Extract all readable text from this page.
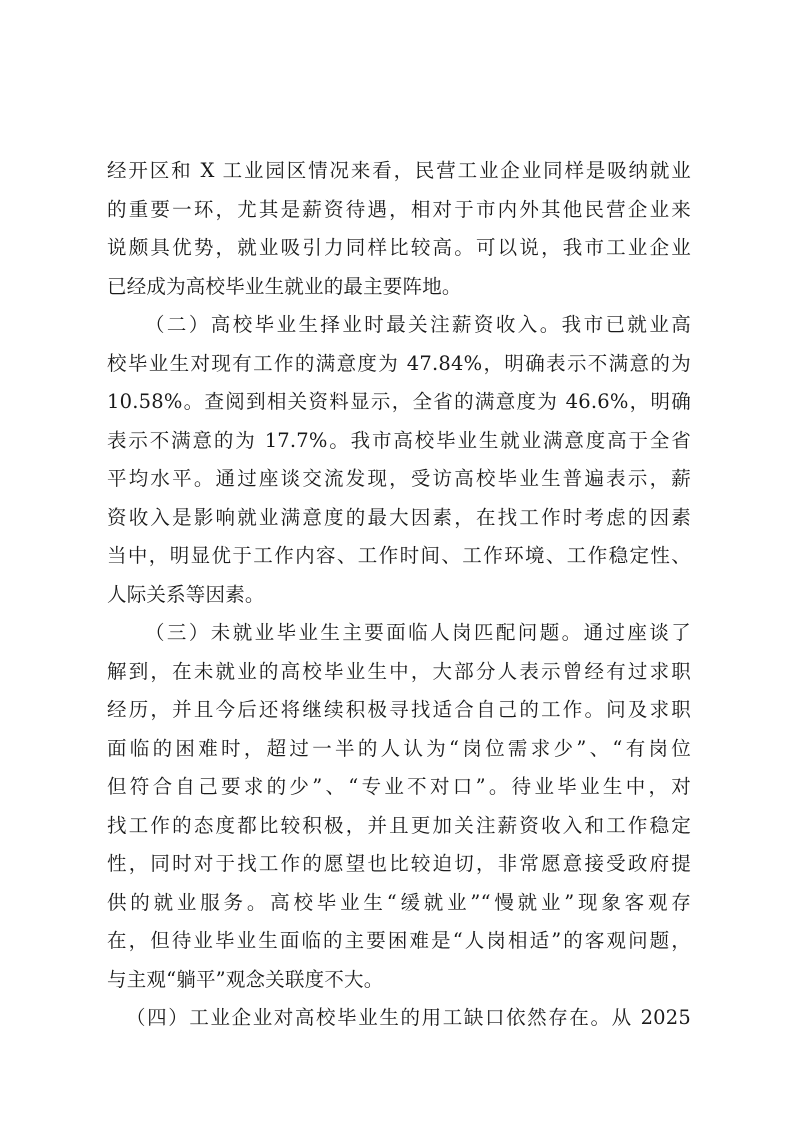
经开区和 X 工业园区情况来看，民营工业企业同样是吸纳就业
的重要一环，尤其是薪资待遇，相对于市内外其他民营企业来
说颇具优势，就业吸引力同样比较高。可以说，我市工业企业
已经成为高校毕业生就业的最主要阵地。
（二）高校毕业生择业时最关注薪资收入。我市已就业高
校毕业生对现有工作的满意度为 47.84%，明确表示不满意的为
10.58%。查阅到相关资料显示，全省的满意度为 46.6%，明确
表示不满意的为 17.7%。我市高校毕业生就业满意度高于全省
平均水平。通过座谈交流发现，受访高校毕业生普遍表示，薪
资收入是影响就业满意度的最大因素，在找工作时考虑的因素
当中，明显优于工作内容、工作时间、工作环境、工作稳定性、
人际关系等因素。
（三）未就业毕业生主要面临人岗匹配问题。通过座谈了
解到，在未就业的高校毕业生中，大部分人表示曾经有过求职
经历，并且今后还将继续积极寻找适合自己的工作。问及求职
面临的困难时，超过一半的人认为“岗位需求少”、“有岗位
但符合自己要求的少”、“专业不对口”。待业毕业生中，对
找工作的态度都比较积极，并且更加关注薪资收入和工作稳定
性，同时对于找工作的愿望也比较迫切，非常愿意接受政府提
供的就业服务。高校毕业生“缓就业”“慢就业”现象客观存
在，但待业毕业生面临的主要困难是“人岗相适”的客观问题，
与主观“躺平”观念关联度不大。
（四）工业企业对高校毕业生的用工缺口依然存在。从 2025
